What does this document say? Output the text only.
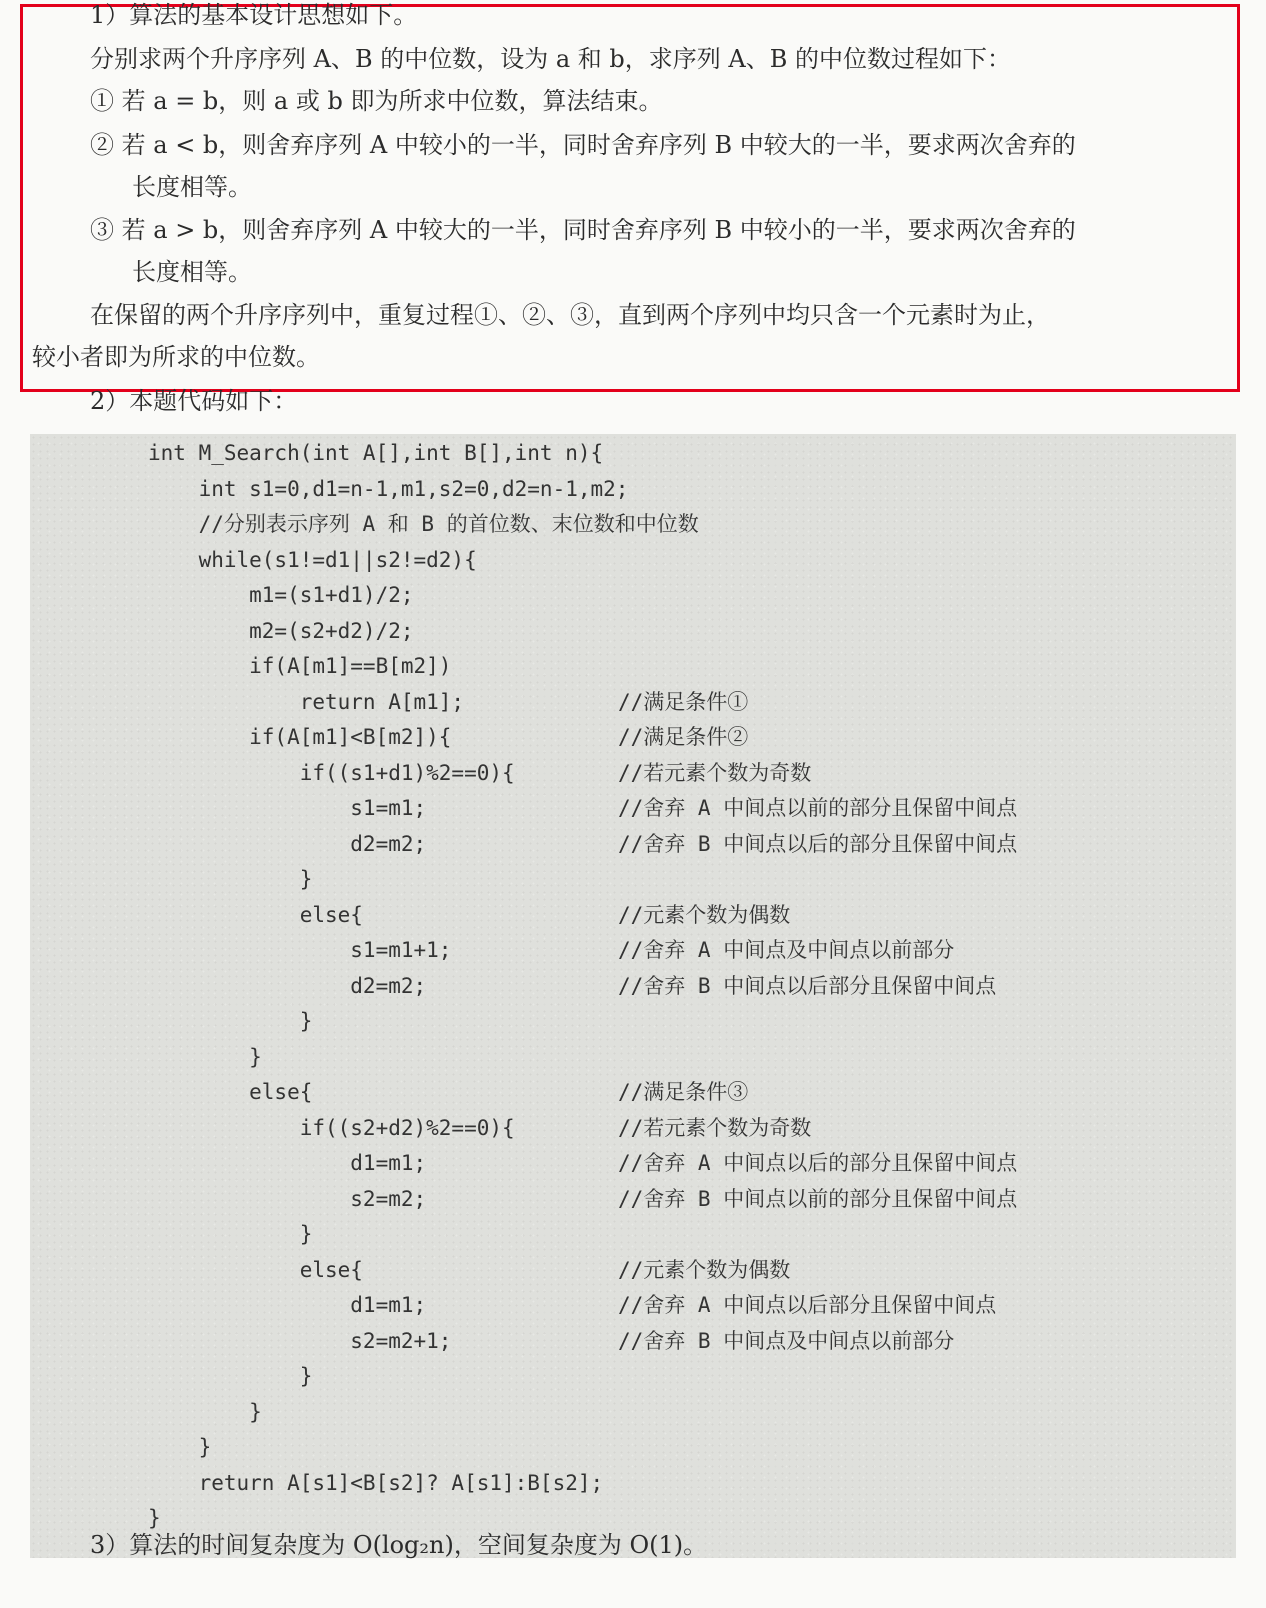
1）算法的基本设计思想如下。
分别求两个升序序列 A、B 的中位数，设为 a 和 b，求序列 A、B 的中位数过程如下：
① 若 a = b，则 a 或 b 即为所求中位数，算法结束。
② 若 a < b，则舍弃序列 A 中较小的一半，同时舍弃序列 B 中较大的一半，要求两次舍弃的
长度相等。
③ 若 a > b，则舍弃序列 A 中较大的一半，同时舍弃序列 B 中较小的一半，要求两次舍弃的
长度相等。
在保留的两个升序序列中，重复过程①、②、③，直到两个序列中均只含一个元素时为止，
较小者即为所求的中位数。
2）本题代码如下：
int M_Search(int A[],int B[],int n){
int s1=0,d1=n-1,m1,s2=0,d2=n-1,m2;
//分别表示序列 A 和 B 的首位数、末位数和中位数
while(s1!=d1||s2!=d2){
m1=(s1+d1)/2;
m2=(s2+d2)/2;
if(A[m1]==B[m2])
return A[m1];	//满足条件①
if(A[m1]<B[m2]){	//满足条件②
if((s1+d1)%2==0){	//若元素个数为奇数
s1=m1;	//舍弃 A 中间点以前的部分且保留中间点
d2=m2;	//舍弃 B 中间点以后的部分且保留中间点
}
else{	//元素个数为偶数
s1=m1+1;	//舍弃 A 中间点及中间点以前部分
d2=m2;	//舍弃 B 中间点以后部分且保留中间点
}
}
else{	//满足条件③
if((s2+d2)%2==0){	//若元素个数为奇数
d1=m1;	//舍弃 A 中间点以后的部分且保留中间点
s2=m2;	//舍弃 B 中间点以前的部分且保留中间点
}
else{	//元素个数为偶数
d1=m1;	//舍弃 A 中间点以后部分且保留中间点
s2=m2+1;	//舍弃 B 中间点及中间点以前部分
}
}
}
return A[s1]<B[s2]? A[s1]:B[s2];
}
3）算法的时间复杂度为 O(log₂n)，空间复杂度为 O(1)。
